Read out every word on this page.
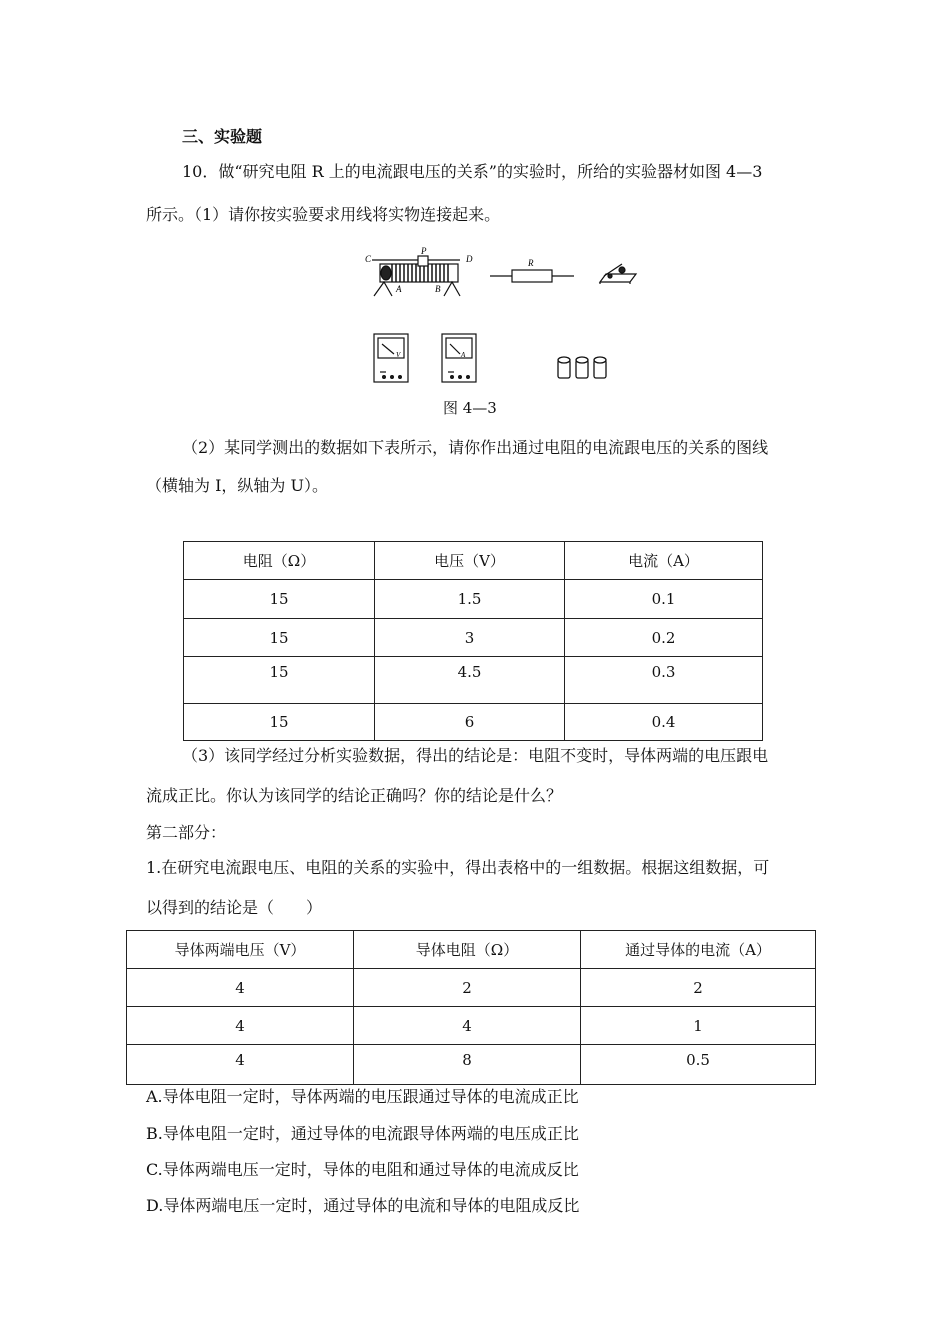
三、实验题
10．做“研究电阻 R 上的电流跟电压的关系”的实验时，所给的实验器材如图 4—3
所示。（1）请你按实验要求用线将实物连接起来。
C
P
D
A	B
R
V	A
图 4—3
（2）某同学测出的数据如下表所示，请你作出通过电阻的电流跟电压的关系的图线
（横轴为 I，纵轴为 U）。
电阻（Ω）	电压（V）	电流（A）
15	1.5	0.1
15	3	0.2
15	4.5	0.3
15	6	0.4
（3）该同学经过分析实验数据，得出的结论是：电阻不变时，导体两端的电压跟电
流成正比。你认为该同学的结论正确吗？你的结论是什么？
第二部分：
1.在研究电流跟电压、电阻的关系的实验中，得出表格中的一组数据。根据这组数据，可
以得到的结论是（　　）
导体两端电压（V）	导体电阻（Ω）	通过导体的电流（A）
4	2	2
4	4	1
4	8	0.5
A.导体电阻一定时，导体两端的电压跟通过导体的电流成正比
B.导体电阻一定时，通过导体的电流跟导体两端的电压成正比
C.导体两端电压一定时，导体的电阻和通过导体的电流成反比
D.导体两端电压一定时，通过导体的电流和导体的电阻成反比
